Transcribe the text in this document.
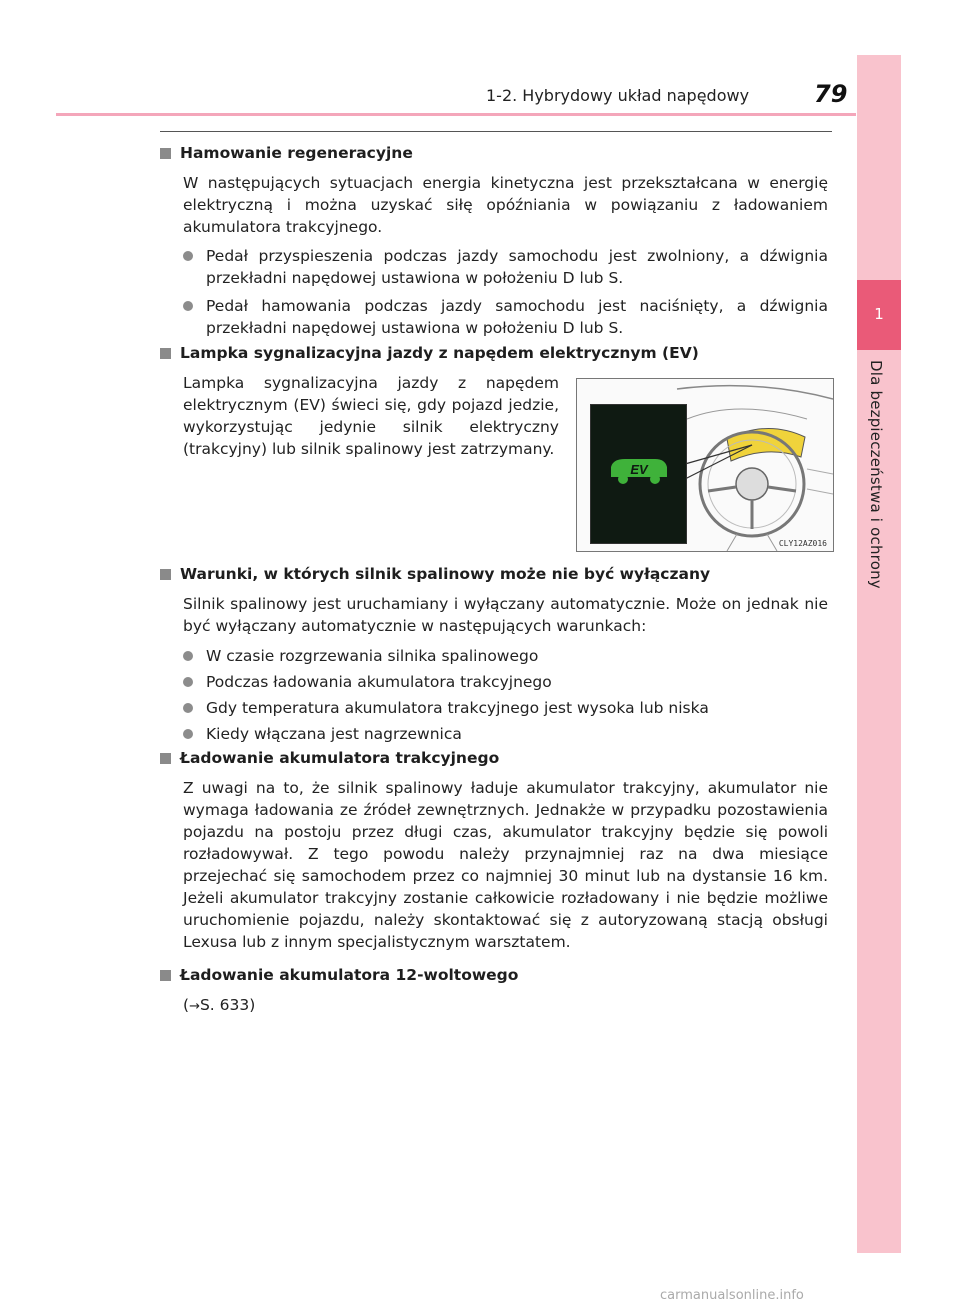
1-2. Hybrydowy układ napędowy	79
1
Dla bezpieczeństwa i ochrony
Hamowanie regeneracyjne
W następujących sytuacjach energia kinetyczna jest przekształcana w energię elektryczną i można uzyskać siłę opóźniania w powiązaniu z ładowaniem akumulatora trakcyjnego.
Pedał przyspieszenia podczas jazdy samochodu jest zwolniony, a dźwignia przekładni napędowej ustawiona w położeniu D lub S.
Pedał hamowania podczas jazdy samochodu jest naciśnięty, a dźwignia przekładni napędowej ustawiona w położeniu D lub S.
Lampka sygnalizacyjna jazdy z napędem elektrycznym (EV)
Lampka sygnalizacyjna jazdy z napędem elektrycznym (EV) świeci się, gdy pojazd jedzie, wykorzystując jedynie silnik elektryczny (trakcyjny) lub silnik spalinowy jest zatrzymany.
EV
CLY12AZ016
Warunki, w których silnik spalinowy może nie być wyłączany
Silnik spalinowy jest uruchamiany i wyłączany automatycznie. Może on jednak nie być wyłączany automatycznie w następujących warunkach:
W czasie rozgrzewania silnika spalinowego
Podczas ładowania akumulatora trakcyjnego
Gdy temperatura akumulatora trakcyjnego jest wysoka lub niska
Kiedy włączana jest nagrzewnica
Ładowanie akumulatora trakcyjnego
Z uwagi na to, że silnik spalinowy ładuje akumulator trakcyjny, akumulator nie wymaga ładowania ze źródeł zewnętrznych. Jednakże w przypadku pozostawienia pojazdu na postoju przez długi czas, akumulator trakcyjny będzie się powoli rozładowywał. Z tego powodu należy przynajmniej raz na dwa miesiące przejechać się samochodem przez co najmniej 30 minut lub na dystansie 16 km. Jeżeli akumulator trakcyjny zostanie całkowicie rozładowany i nie będzie możliwe uruchomienie pojazdu, należy skontaktować się z autoryzowaną stacją obsługi Lexusa lub z innym specjalistycznym warsztatem.
Ładowanie akumulatora 12-woltowego
(→S. 633)
carmanualsonline.info
